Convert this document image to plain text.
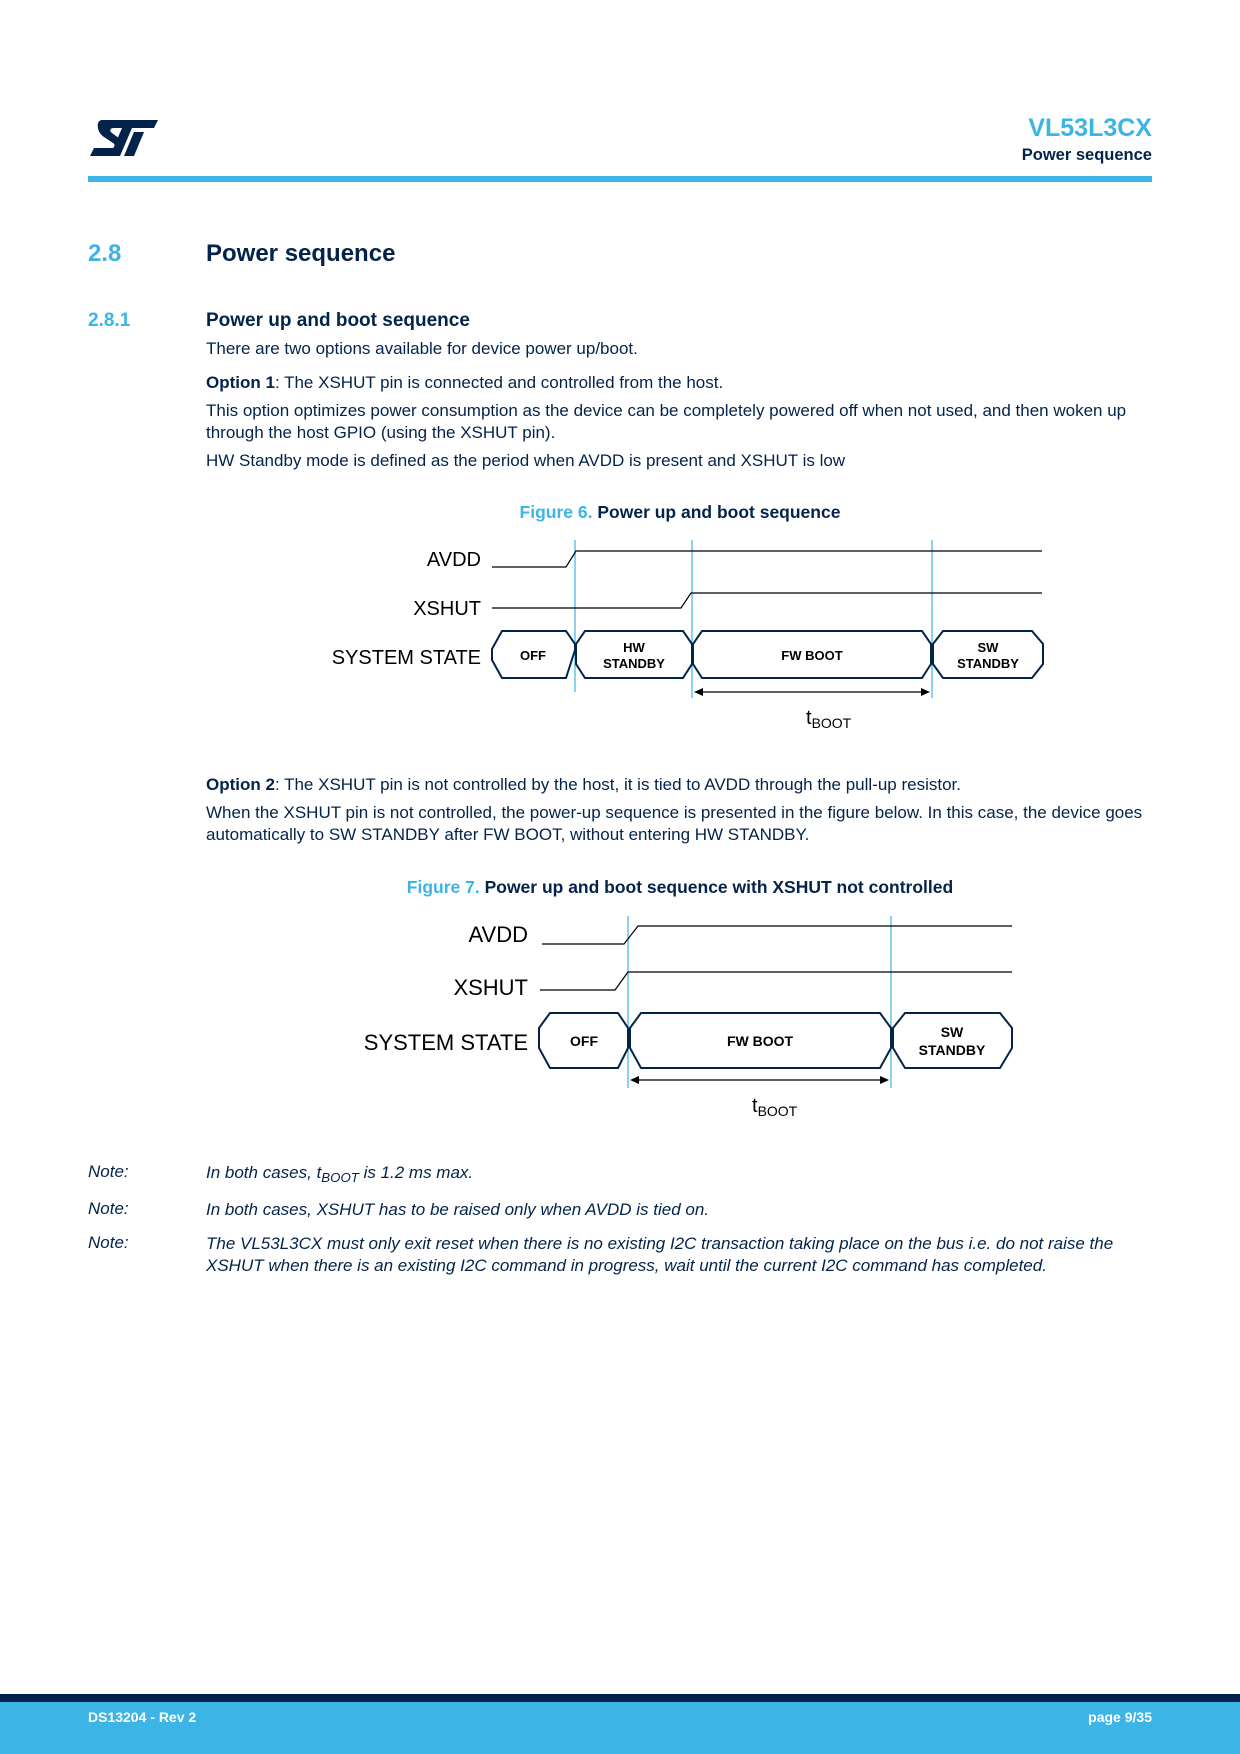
VL53L3CX
Power sequence
2.8	Power sequence
2.8.1	Power up and boot sequence
There are two options available for device power up/boot.
Option 1: The XSHUT pin is connected and controlled from the host.
This option optimizes power consumption as the device can be completely powered off when not used, and then woken up through the host GPIO (using the XSHUT pin).
HW Standby mode is defined as the period when AVDD is present and XSHUT is low
Figure 6. Power up and boot sequence
AVDD
XSHUT
SYSTEM STATE	OFF
HW
STANDBY
FW BOOT
SW
STANDBY
$t_{BOOT}$
Option 2: The XSHUT pin is not controlled by the host, it is tied to AVDD through the pull-up resistor.
When the XSHUT pin is not controlled, the power-up sequence is presented in the figure below. In this case, the device goes automatically to SW STANDBY after FW BOOT, without entering HW STANDBY.
Figure 7. Power up and boot sequence with XSHUT not controlled
AVDD
XSHUT
SYSTEM STATE	OFF	FW BOOT
SW
STANDBY
$t_{BOOT}$
Note:	In both cases, $t_{BOOT}$ is 1.2 ms max.
Note:	In both cases, XSHUT has to be raised only when AVDD is tied on.
Note:	The VL53L3CX must only exit reset when there is no existing I2C transaction taking place on the bus i.e. do not raise the XSHUT when there is an existing I2C command in progress, wait until the current I2C command has completed.
DS13204 - Rev 2	page 9/35
